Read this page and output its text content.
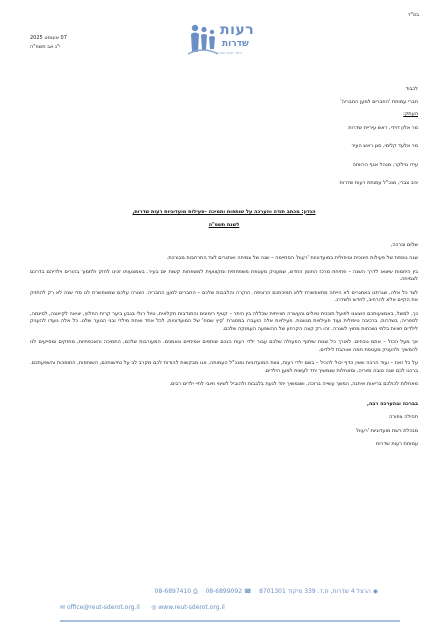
בס"ד
רעות
שדרות
ביחד למען חבריה
07 אוגוסט 2025
י"ג אב תשפ"ה

לכבוד

חברי עמותת 'החברים למען החבריה'

העתק:

מר אלון דוידי, ראש עיריית שדרות

מר אלעד קלימי, סגן ראש העיר

עידו גוילקר, מנהל אגף הרווחה

יניב צברי, מנכ"ל עמותת רעות שדרות

הנדון: מכתב תודה והערכה על שותפות ותמיכה –פעילות מועדוניות רעות שדרות,

לשנת תשפ"ה

שלום וברכה,

שנה נוספת של פעילות חינוכית וטיפולית במועדוניות 'רעות' הסתיימה – שנה של צמיחה ואתגרים לצד התרחבות מבורכת.

בין היוזמות שיצאו לדרך השנה – פתיחת מרכז החוסן החדש, שמעניק מעטפת משפחתית ומקצועית למשפחות קשות יום בעיר. באמצעותו זכינו לחזק ולתמוך בהורים וילדיהם בדרכם לצמיחה.

לצד כל אלה, שגרתנו באתגרים לא הייתה מתאפשרת ללא תמיכתכם הרציפה. הוקרה והלבבות שלכם – החברים למען החבריה. הצורה עלכם שמאפשרת לנו מדי שנה לא רק להחזיק את הקיים אלא להרחיב, לחדש ולשדרג.

כך, למשל, באמצעותכם הוצאנו לפועל תוכנית טיולים והעשרה חווייתית שכללה בין היתר – קטיף רימונים והתנדבות חקלאית, טיול רגלי בגבע ביער קרית החלוץ, יציאה לקייטנה, לסינמה, לספריה, בשדרות, ברכיבה טיפולית ועוד פעילויות מגוונות. פעילויות אלה הועברו במסגרת 'קיץ שמח' של המועדוניות, לכל אחד ואחת מילדי ובני הנוער שלנו. כל אלה נועדו להעניק לילדים חוויות בלתי נשכחות מחוץ לשגרה. זהו רק קצה הקרחון של ההשפעה העמוקה שלכם.

אך מעל הכול – אתם נוכחים. לאורך כל שנות שיתוף הפעולה שלכם עבור ילדי רעות הנכם שותפים אמיתיים ונאמנים. המעורבות שלכם, התמיכה והאכפתיות, מחזקים ומסייעים לנו להמשיך ולהעניק מעטפת חמה ואוהבת לילדים.

על כל זאת – ועוד הרבה שאין הדף יכול להכיל – בשם ילדי רעות, צוות המועדוניות ומנכ"ל העמותה, אנו מבקשות להודות לכם מקרב לב על נחישותכם, השותפות, התומכות והשפעתכם. ברכנו לכם שנה טובה ופוריה, ומאחלות שנמשיך יחד לעשות למען הילדים.

מאחלות לכולכם בריאות איתנה, המשך עשייה ברוכה, ושנמשיך יחד לגעת בלבבות ולהוביל לשינוי חיובי לחיי ילדים רבים.

בברכה ובהערכה רבה,

תהילה צפורה

מנהלת רשת מועדוניות 'רעות'

עמותת רעות שדרות

◉ הרצל 4 שדרות, ת.ד. 339 מיקוד 8701301    ☎ 08-6899092    ⎙ 08-6897410
✉ office@reut-sderot.org.il ◎ www.reut-sderot.org.il
